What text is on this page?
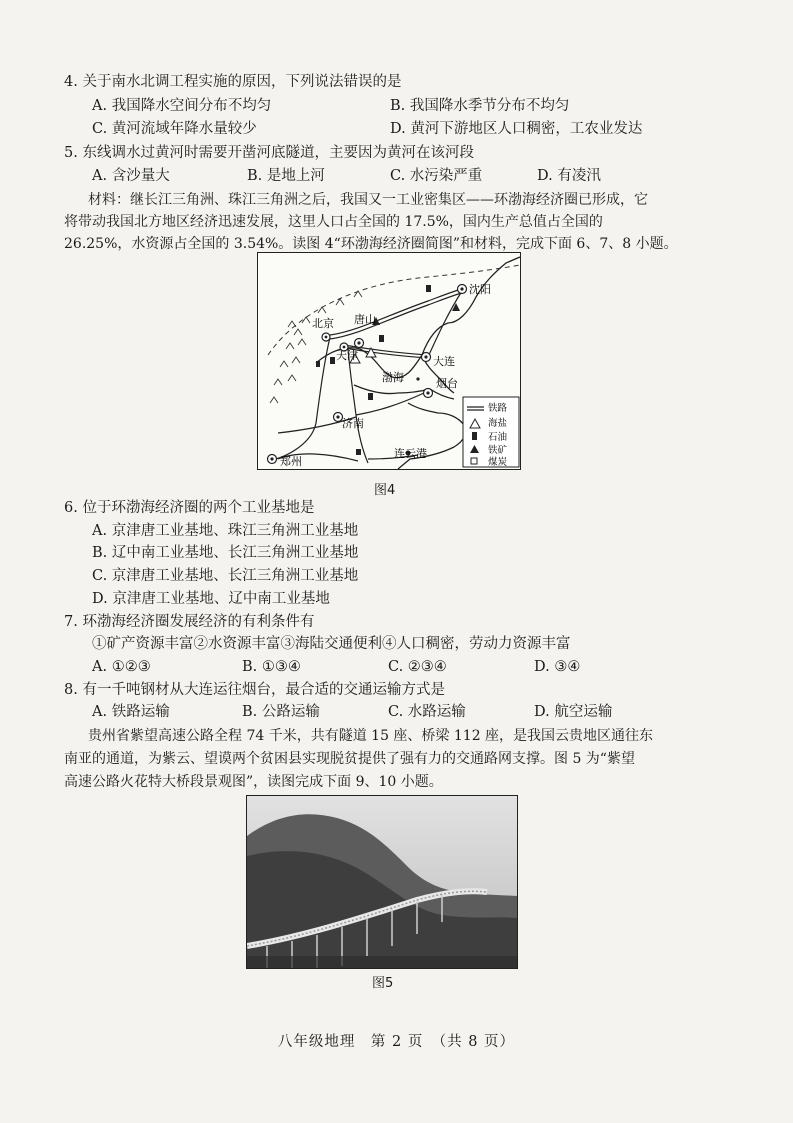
4. 关于南水北调工程实施的原因，下列说法错误的是
A. 我国降水空间分布不均匀	B. 我国降水季节分布不均匀
C. 黄河流域年降水量较少	D. 黄河下游地区人口稠密，工农业发达
5. 东线调水过黄河时需要开凿河底隧道，主要因为黄河在该河段
A. 含沙量大	B. 是地上河	C. 水污染严重	D. 有凌汛
材料：继长江三角洲、珠江三角洲之后，我国又一工业密集区——环渤海经济圈已形成，它
将带动我国北方地区经济迅速发展，这里人口占全国的 17.5%，国内生产总值占全国的
26.25%，水资源占全国的 3.54%。读图 4“环渤海经济圈简图”和材料，完成下面 6、7、8 小题。
沈阳
唐山
北京
天津	大连
渤海	烟台
济南
连云港
郑州
铁路
海盐
石油
铁矿
煤炭
图4
6. 位于环渤海经济圈的两个工业基地是
A. 京津唐工业基地、珠江三角洲工业基地
B. 辽中南工业基地、长江三角洲工业基地
C. 京津唐工业基地、长江三角洲工业基地
D. 京津唐工业基地、辽中南工业基地
7. 环渤海经济圈发展经济的有利条件有
①矿产资源丰富②水资源丰富③海陆交通便利④人口稠密，劳动力资源丰富
A. ①②③	B. ①③④	C. ②③④	D. ③④
8. 有一千吨钢材从大连运往烟台，最合适的交通运输方式是
A. 铁路运输	B. 公路运输	C. 水路运输	D. 航空运输
贵州省紫望高速公路全程 74 千米，共有隧道 15 座、桥梁 112 座，是我国云贵地区通往东
南亚的通道，为紫云、望谟两个贫困县实现脱贫提供了强有力的交通路网支撑。图 5 为“紫望
高速公路火花特大桥段景观图”，读图完成下面 9、10 小题。
图5
八年级地理　第 2 页　（共 8 页）
